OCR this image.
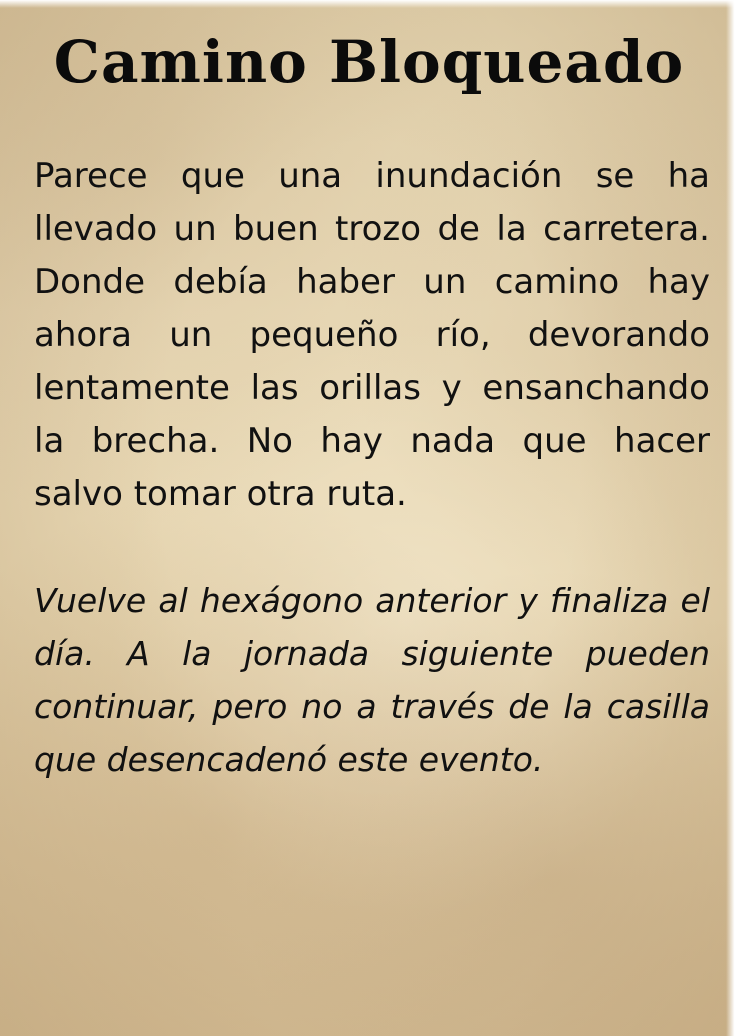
Camino Bloqueado

Parece que una inundación se ha llevado un buen trozo de la carretera. Donde debía haber un camino hay ahora un pequeño río, devorando lentamente las orillas y ensanchando la brecha. No hay nada que hacer salvo tomar otra ruta.

Vuelve al hexágono anterior y finaliza el día. A la jornada siguiente pueden continuar, pero no a través de la casilla que desencadenó este evento.
